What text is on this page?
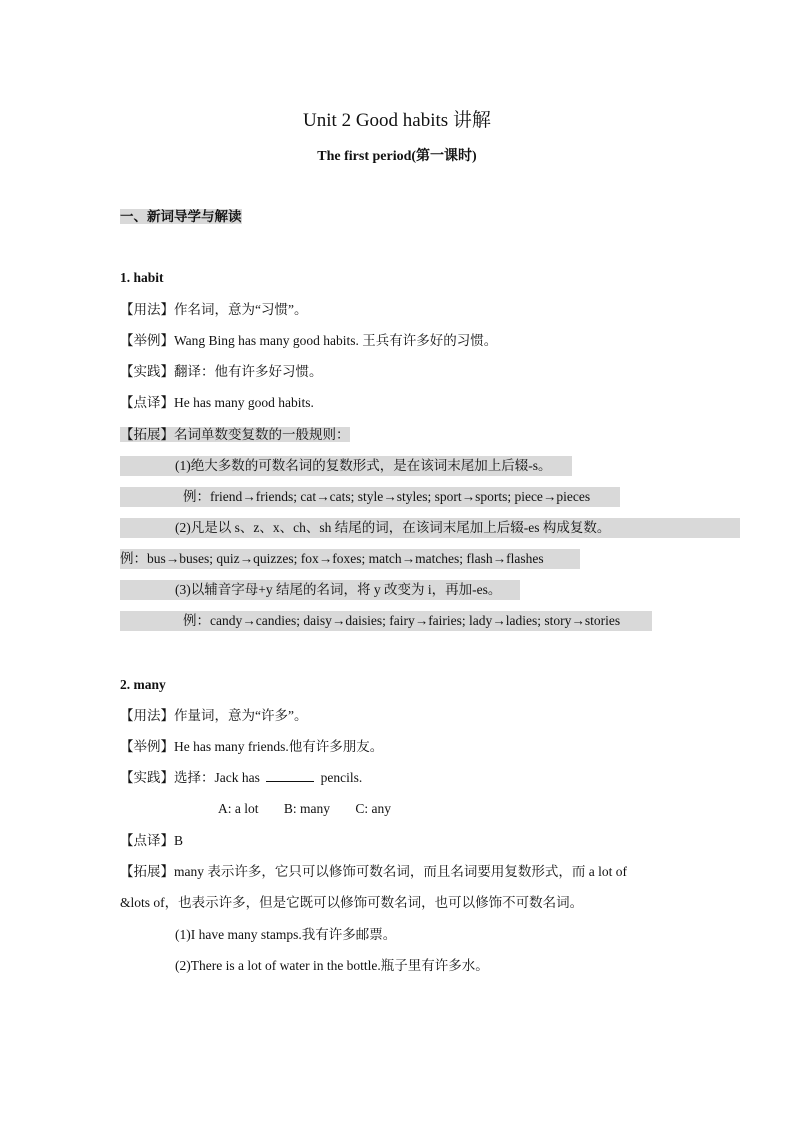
Unit 2 Good habits 讲解
The first period(第一课时)
一、新词导学与解读
1. habit
【用法】作名词，意为“习惯”。
【举例】Wang Bing has many good habits. 王兵有许多好的习惯。
【实践】翻译：他有许多好习惯。
【点译】He has many good habits.
【拓展】名词单数变复数的一般规则：
(1)绝大多数的可数名词的复数形式，是在该词末尾加上后辍-s。
例：friend→friends; cat→cats; style→styles; sport→sports; piece→pieces
(2)凡是以 s、z、x、ch、sh 结尾的词，在该词末尾加上后辍-es 构成复数。
例：bus→buses; quiz→quizzes; fox→foxes; match→matches; flash→flashes
(3)以辅音字母+y 结尾的名词，将 y 改变为 i，再加-es。
例：candy→candies; daisy→daisies; fairy→fairies; lady→ladies; story→stories
2. many
【用法】作量词，意为“许多”。
【举例】He has many friends.他有许多朋友。
【实践】选择：Jack has	pencils.
A: a lot B: many C: any
【点译】B
【拓展】many 表示许多，它只可以修饰可数名词，而且名词要用复数形式，而 a lot of
&lots of，也表示许多，但是它既可以修饰可数名词，也可以修饰不可数名词。
(1)I have many stamps.我有许多邮票。
(2)There is a lot of water in the bottle.瓶子里有许多水。
